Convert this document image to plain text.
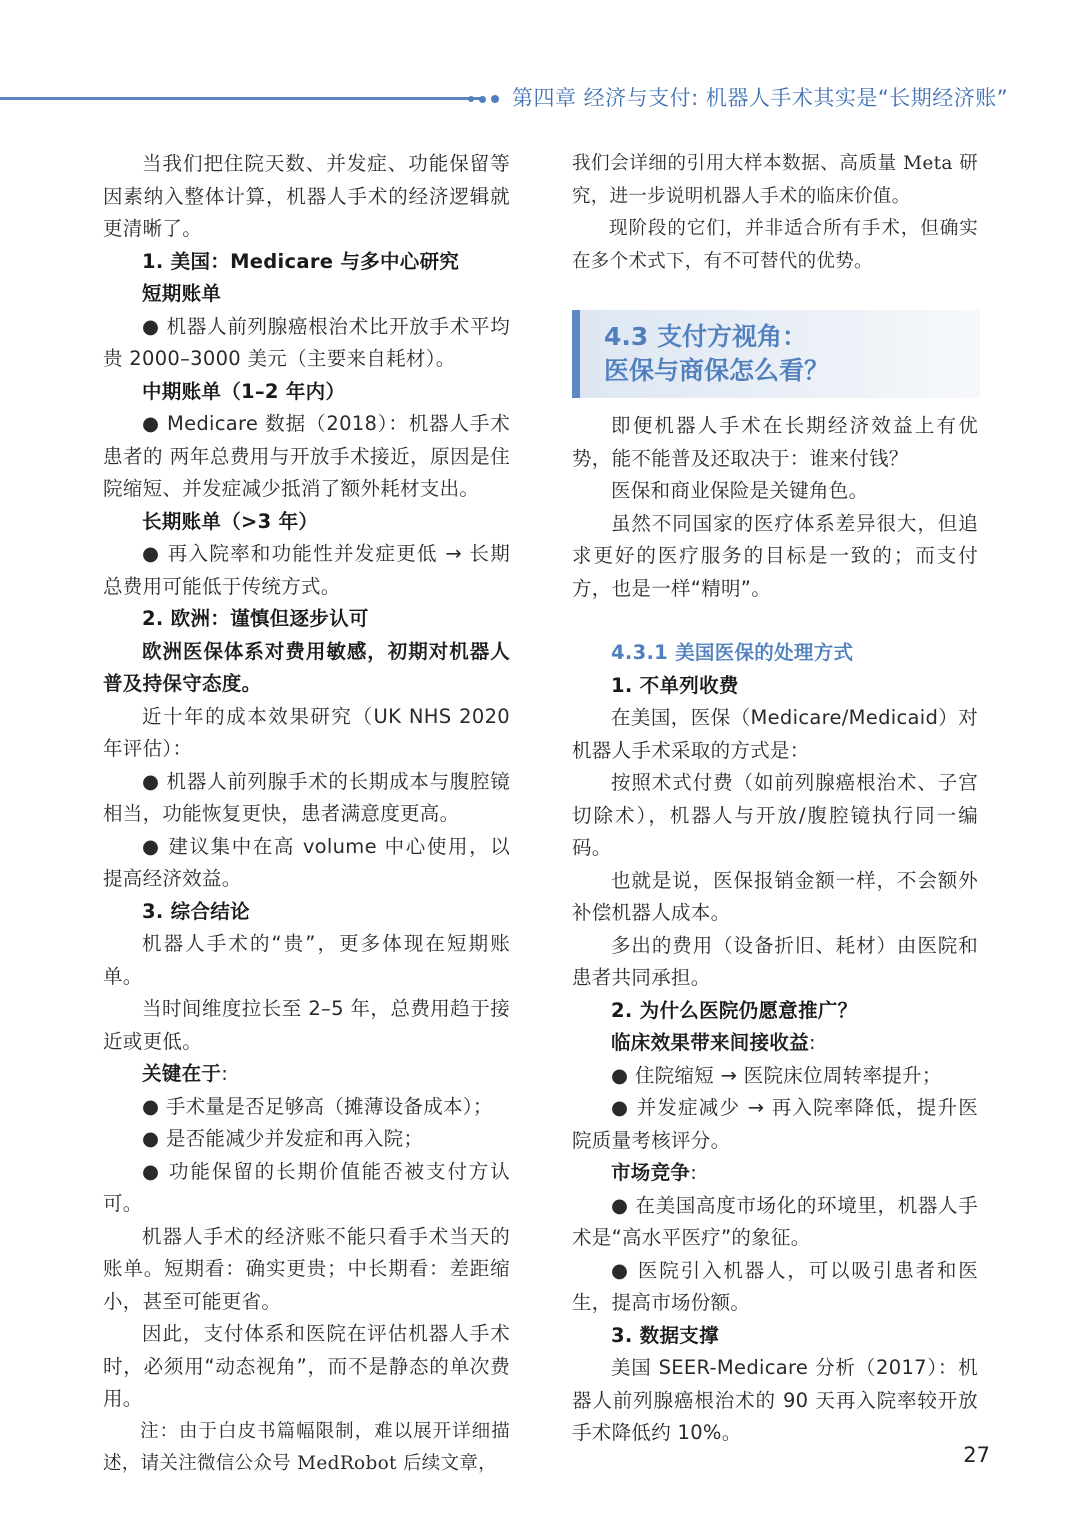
第四章 经济与支付: 机器人手术其实是“长期经济账”

当我们把住院天数、并发症、功能保留等因素纳入整体计算，机器人手术的经济逻辑就更清晰了。

1. 美国：Medicare 与多中心研究

短期账单

● 机器人前列腺癌根治术比开放手术平均贵 2000–3000 美元（主要来自耗材）。

中期账单（1–2 年内）

● Medicare 数据（2018）：机器人手术患者的 两年总费用与开放手术接近，原因是住院缩短、并发症减少抵消了额外耗材支出。

长期账单（>3 年）

● 再入院率和功能性并发症更低 → 长期总费用可能低于传统方式。

2. 欧洲：谨慎但逐步认可

欧洲医保体系对费用敏感，初期对机器人普及持保守态度。

近十年的成本效果研究（UK NHS 2020 年评估）：

● 机器人前列腺手术的长期成本与腹腔镜相当，功能恢复更快，患者满意度更高。

● 建议集中在高 volume 中心使用，以提高经济效益。

3. 综合结论

机器人手术的“贵”，更多体现在短期账单。

当时间维度拉长至 2–5 年，总费用趋于接近或更低。

关键在于:

● 手术量是否足够高（摊薄设备成本）；

● 是否能减少并发症和再入院；

● 功能保留的长期价值能否被支付方认可。

机器人手术的经济账不能只看手术当天的账单。短期看：确实更贵；中长期看：差距缩小，甚至可能更省。

因此，支付体系和医院在评估机器人手术时，必须用“动态视角”，而不是静态的单次费用。

注：由于白皮书篇幅限制，难以展开详细描述，请关注微信公众号 MedRobot 后续文章，

我们会详细的引用大样本数据、高质量 Meta 研究，进一步说明机器人手术的临床价值。

现阶段的它们，并非适合所有手术，但确实在多个术式下，有不可替代的优势。

4.3 支付方视角：
医保与商保怎么看？

即便机器人手术在长期经济效益上有优势，能不能普及还取决于：谁来付钱？

医保和商业保险是关键角色。

虽然不同国家的医疗体系差异很大，但追求更好的医疗服务的目标是一致的；而支付方，也是一样“精明”。

4.3.1 美国医保的处理方式

1. 不单列收费

在美国，医保（Medicare/Medicaid）对机器人手术采取的方式是：

按照术式付费（如前列腺癌根治术、子宫切除术），机器人与开放/腹腔镜执行同一编码。

也就是说，医保报销金额一样，不会额外补偿机器人成本。

多出的费用（设备折旧、耗材）由医院和患者共同承担。

2. 为什么医院仍愿意推广？

临床效果带来间接收益:

● 住院缩短 → 医院床位周转率提升；

● 并发症减少 → 再入院率降低，提升医院质量考核评分。

市场竞争:

● 在美国高度市场化的环境里，机器人手术是“高水平医疗”的象征。

● 医院引入机器人，可以吸引患者和医生，提高市场份额。

3. 数据支撑

美国 SEER-Medicare 分析（2017）：机器人前列腺癌根治术的 90 天再入院率较开放手术降低约 10%。

27
